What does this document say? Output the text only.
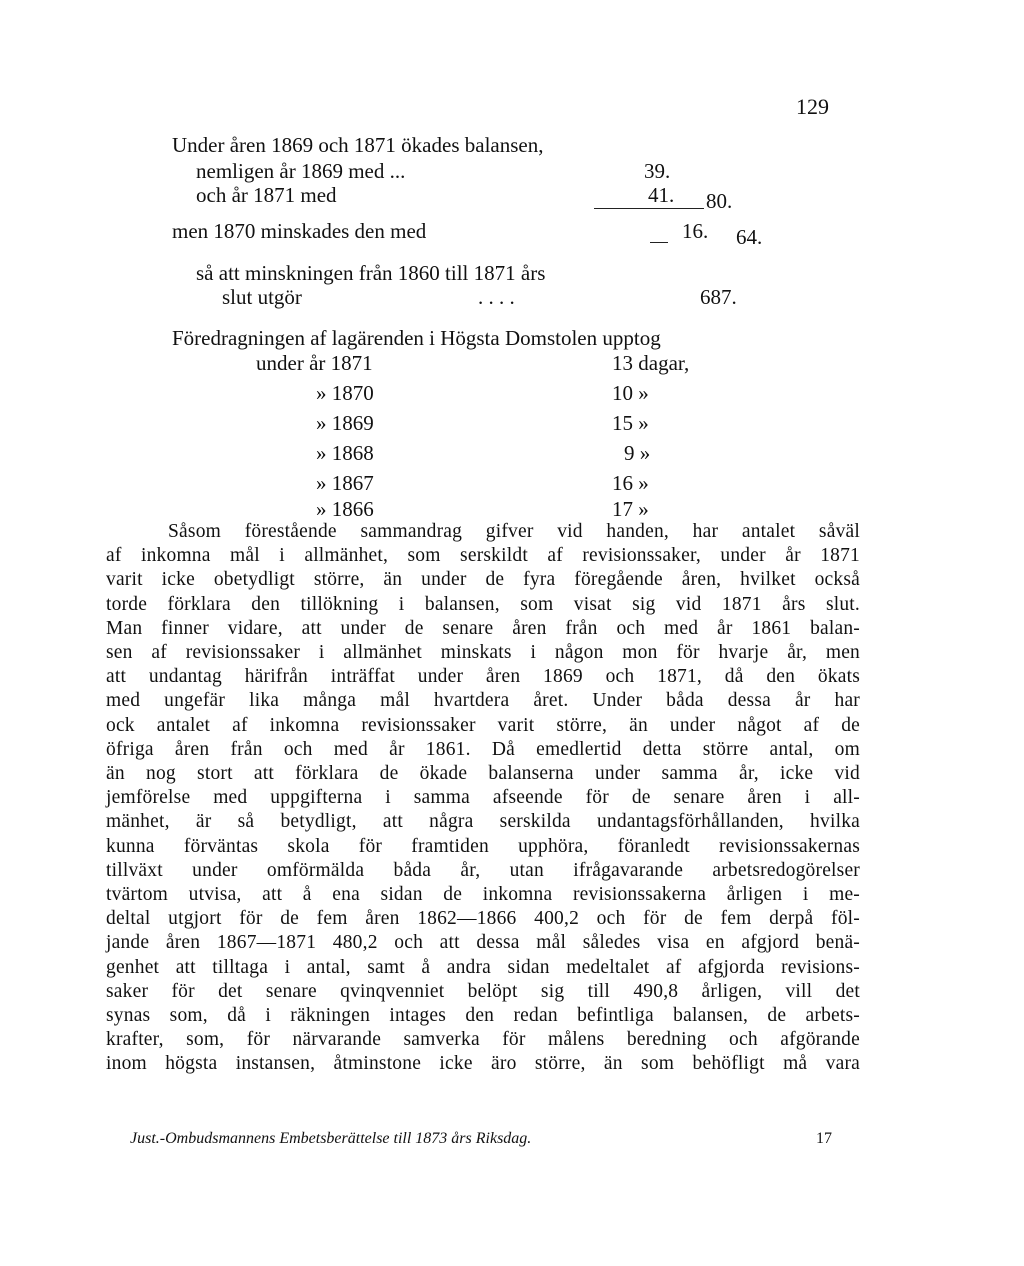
129
Under åren 1869 och 1871 ökades balansen,
nemligen år 1869 med ...	39.
och år 1871 med	41. 80.
men 1870 minskades den med	16. 64.
så att minskningen från 1860 till 1871 års
slut utgör	. . . .	687.
Föredragningen af lagärenden i Högsta Domstolen upptog
under år 1871	13 dagar,
» 1870	10 »
» 1869	15 »
» 1868	9 »
» 1867	16 »
» 1866	17 »
Såsom förestående sammandrag gifver vid handen, har antalet såväl
af inkomna mål i allmänhet, som serskildt af revisionssaker, under år 1871
varit icke obetydligt större, än under de fyra föregående åren, hvilket också
torde förklara den tillökning i balansen, som visat sig vid 1871 års slut.
Man finner vidare, att under de senare åren från och med år 1861 balan-
sen af revisionssaker i allmänhet minskats i någon mon för hvarje år, men
att undantag härifrån inträffat under åren 1869 och 1871, då den ökats
med ungefär lika många mål hvartdera året. Under båda dessa år har
ock antalet af inkomna revisionssaker varit större, än under något af de
öfriga åren från och med år 1861. Då emedlertid detta större antal, om
än nog stort att förklara de ökade balanserna under samma år, icke vid
jemförelse med uppgifterna i samma afseende för de senare åren i all-
mänhet, är så betydligt, att några serskilda undantagsförhållanden, hvilka
kunna förväntas skola för framtiden upphöra, föranledt revisionssakernas
tillväxt under omförmälda båda år, utan ifrågavarande arbetsredogörelser
tvärtom utvisa, att å ena sidan de inkomna revisionssakerna årligen i me-
deltal utgjort för de fem åren 1862—1866 400,2 och för de fem derpå föl-
jande åren 1867—1871 480,2 och att dessa mål således visa en afgjord benä-
genhet att tilltaga i antal, samt å andra sidan medeltalet af afgjorda revisions-
saker för det senare qvinqvenniet belöpt sig till 490,8 årligen, vill det
synas som, då i räkningen intages den redan befintliga balansen, de arbets-
krafter, som, för närvarande samverka för målens beredning och afgörande
inom högsta instansen, åtminstone icke äro större, än som behöfligt må vara
Just.-Ombudsmannens Embetsberättelse till 1873 års Riksdag.	17
